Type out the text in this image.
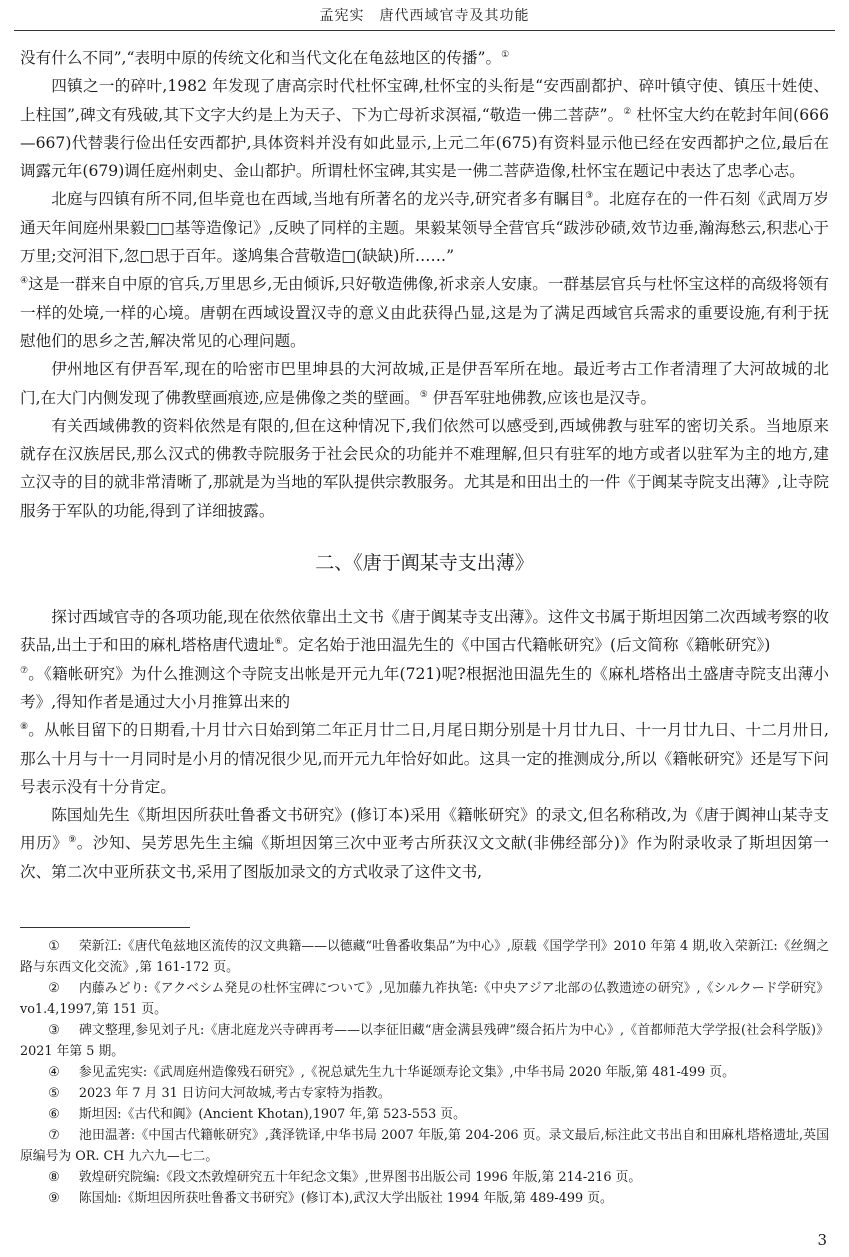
孟宪实　唐代西域官寺及其功能

没有什么不同”,“表明中原的传统文化和当代文化在龟兹地区的传播”。①

四镇之一的碎叶,1982 年发现了唐高宗时代杜怀宝碑,杜怀宝的头衔是“安西副都护、碎叶镇守使、镇压十姓使、上柱国”,碑文有残破,其下文字大约是上为天子、下为亡母祈求溟福,“敬造一佛二菩萨”。② 杜怀宝大约在乾封年间(666—667)代替裴行俭出任安西都护,具体资料并没有如此显示,上元二年(675)有资料显示他已经在安西都护之位,最后在调露元年(679)调任庭州刺史、金山都护。所谓杜怀宝碑,其实是一佛二菩萨造像,杜怀宝在题记中表达了忠孝心志。

北庭与四镇有所不同,但毕竟也在西域,当地有所著名的龙兴寺,研究者多有瞩目③。北庭存在的一件石刻《武周万岁通天年间庭州果毅□□基等造像记》,反映了同样的主题。果毅某领导全营官兵“跋涉砂碛,效节边垂,瀚海愁云,积悲心于万里;交河泪下,忽□思于百年。遂鸠集合营敬造□(缺缺)所……”

④这是一群来自中原的官兵,万里思乡,无由倾诉,只好敬造佛像,祈求亲人安康。一群基层官兵与杜怀宝这样的高级将领有一样的处境,一样的心境。唐朝在西域设置汉寺的意义由此获得凸显,这是为了满足西域官兵需求的重要设施,有利于抚慰他们的思乡之苦,解决常见的心理问题。

伊州地区有伊吾军,现在的哈密市巴里坤县的大河故城,正是伊吾军所在地。最近考古工作者清理了大河故城的北门,在大门内侧发现了佛教壁画痕迹,应是佛像之类的壁画。⑤ 伊吾军驻地佛教,应该也是汉寺。

有关西域佛教的资料依然是有限的,但在这种情况下,我们依然可以感受到,西域佛教与驻军的密切关系。当地原来就存在汉族居民,那么汉式的佛教寺院服务于社会民众的功能并不难理解,但只有驻军的地方或者以驻军为主的地方,建立汉寺的目的就非常清晰了,那就是为当地的军队提供宗教服务。尤其是和田出土的一件《于阗某寺院支出薄》,让寺院服务于军队的功能,得到了详细披露。

二、《唐于阗某寺支出薄》

探讨西域官寺的各项功能,现在依然依靠出土文书《唐于阗某寺支出薄》。这件文书属于斯坦因第二次西域考察的收获品,出土于和田的麻札塔格唐代遗址⑥。定名始于池田温先生的《中国古代籍帐研究》(后文简称《籍帐研究》)

⑦。《籍帐研究》为什么推测这个寺院支出帐是开元九年(721)呢?根据池田温先生的《麻札塔格出土盛唐寺院支出薄小考》,得知作者是通过大小月推算出来的

⑧。从帐目留下的日期看,十月廿六日始到第二年正月廿二日,月尾日期分别是十月廿九日、十一月廿九日、十二月卅日,那么十月与十一月同时是小月的情况很少见,而开元九年恰好如此。这具一定的推测成分,所以《籍帐研究》还是写下问号表示没有十分肯定。

陈国灿先生《斯坦因所获吐鲁番文书研究》(修订本)采用《籍帐研究》的录文,但名称稍改,为《唐于阗神山某寺支用历》⑨。沙知、吴芳思先生主编《斯坦因第三次中亚考古所获汉文文献(非佛经部分)》作为附录收录了斯坦因第一次、第二次中亚所获文书,采用了图版加录文的方式收录了这件文书,

① 荣新江:《唐代龟兹地区流传的汉文典籍——以德藏“吐鲁番收集品”为中心》,原载《国学学刊》2010 年第 4 期,收入荣新江:《丝绸之路与东西文化交流》,第 161-172 页。

② 内藤みどり:《アクベシム発見の杜怀宝碑について》,见加藤九祚执笔:《中央アジア北部の仏教遗迹の研究》,《シルクード学研究》vo1.4,1997,第 151 页。

③ 碑文整理,参见刘子凡:《唐北庭龙兴寺碑再考——以李征旧藏“唐金满县残碑”缀合拓片为中心》,《首都师范大学学报(社会科学版)》2021 年第 5 期。

④ 参见孟宪实:《武周庭州造像残石研究》,《祝总斌先生九十华诞颂寿论文集》,中华书局 2020 年版,第 481-499 页。

⑤ 2023 年 7 月 31 日访问大河故城,考古专家特为指教。

⑥ 斯坦因:《古代和阗》(Ancient Khotan),1907 年,第 523-553 页。

⑦ 池田温著:《中国古代籍帐研究》,龚泽铣译,中华书局 2007 年版,第 204-206 页。录文最后,标注此文书出自和田麻札塔格遗址,英国原编号为 OR. CH 九六九—七二。

⑧ 敦煌研究院编:《段文杰敦煌研究五十年纪念文集》,世界图书出版公司 1996 年版,第 214-216 页。

⑨ 陈国灿:《斯坦因所获吐鲁番文书研究》(修订本),武汉大学出版社 1994 年版,第 489-499 页。

3
